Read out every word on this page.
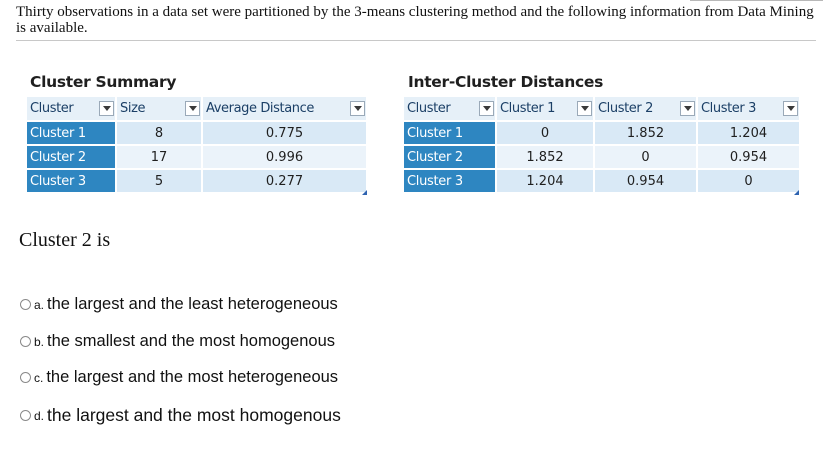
Thirty observations in a data set were partitioned by the 3-means clustering method and the following information from Data Mining is available.
Cluster Summary
Cluster	Size	Average Distance

Cluster 1	8	0.775
Cluster 2	17	0.996
Cluster 3	5	0.277
Inter-Cluster Distances
Cluster	Cluster 1	Cluster 2	Cluster 3

Cluster 1	0	1.852	1.204
Cluster 2	1.852	0	0.954
Cluster 3	1.204	0.954	0
Cluster 2 is
a. the largest and the least heterogeneous
b. the smallest and the most homogenous
c. the largest and the most heterogeneous
d. the largest and the most homogenous
